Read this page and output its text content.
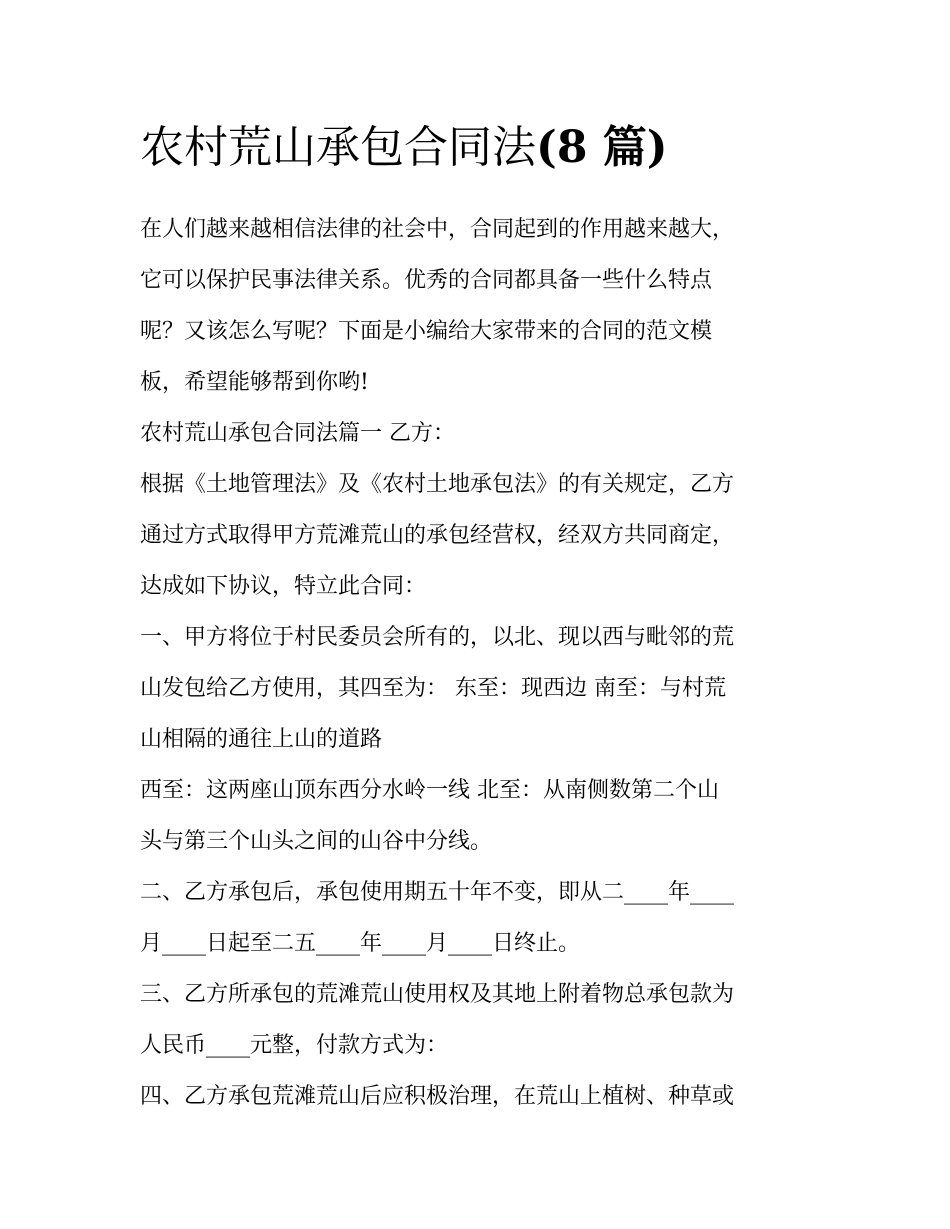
农村荒山承包合同法(8 篇)

在人们越来越相信法律的社会中，合同起到的作用越来越大，

它可以保护民事法律关系。优秀的合同都具备一些什么特点

呢？又该怎么写呢？下面是小编给大家带来的合同的范文模

板，希望能够帮到你哟!

农村荒山承包合同法篇一 乙方：

根据《土地管理法》及《农村土地承包法》的有关规定，乙方

通过方式取得甲方荒滩荒山的承包经营权，经双方共同商定，

达成如下协议，特立此合同：

一、甲方将位于村民委员会所有的，以北、现以西与毗邻的荒

山发包给乙方使用，其四至为： 东至：现西边 南至：与村荒

山相隔的通往上山的道路

西至：这两座山顶东西分水岭一线 北至：从南侧数第二个山

头与第三个山头之间的山谷中分线。

二、乙方承包后，承包使用期五十年不变，即从二____年____

月____日起至二五____年____月____日终止。

三、乙方所承包的荒滩荒山使用权及其地上附着物总承包款为

人民币____元整，付款方式为：

四、乙方承包荒滩荒山后应积极治理，在荒山上植树、种草或
